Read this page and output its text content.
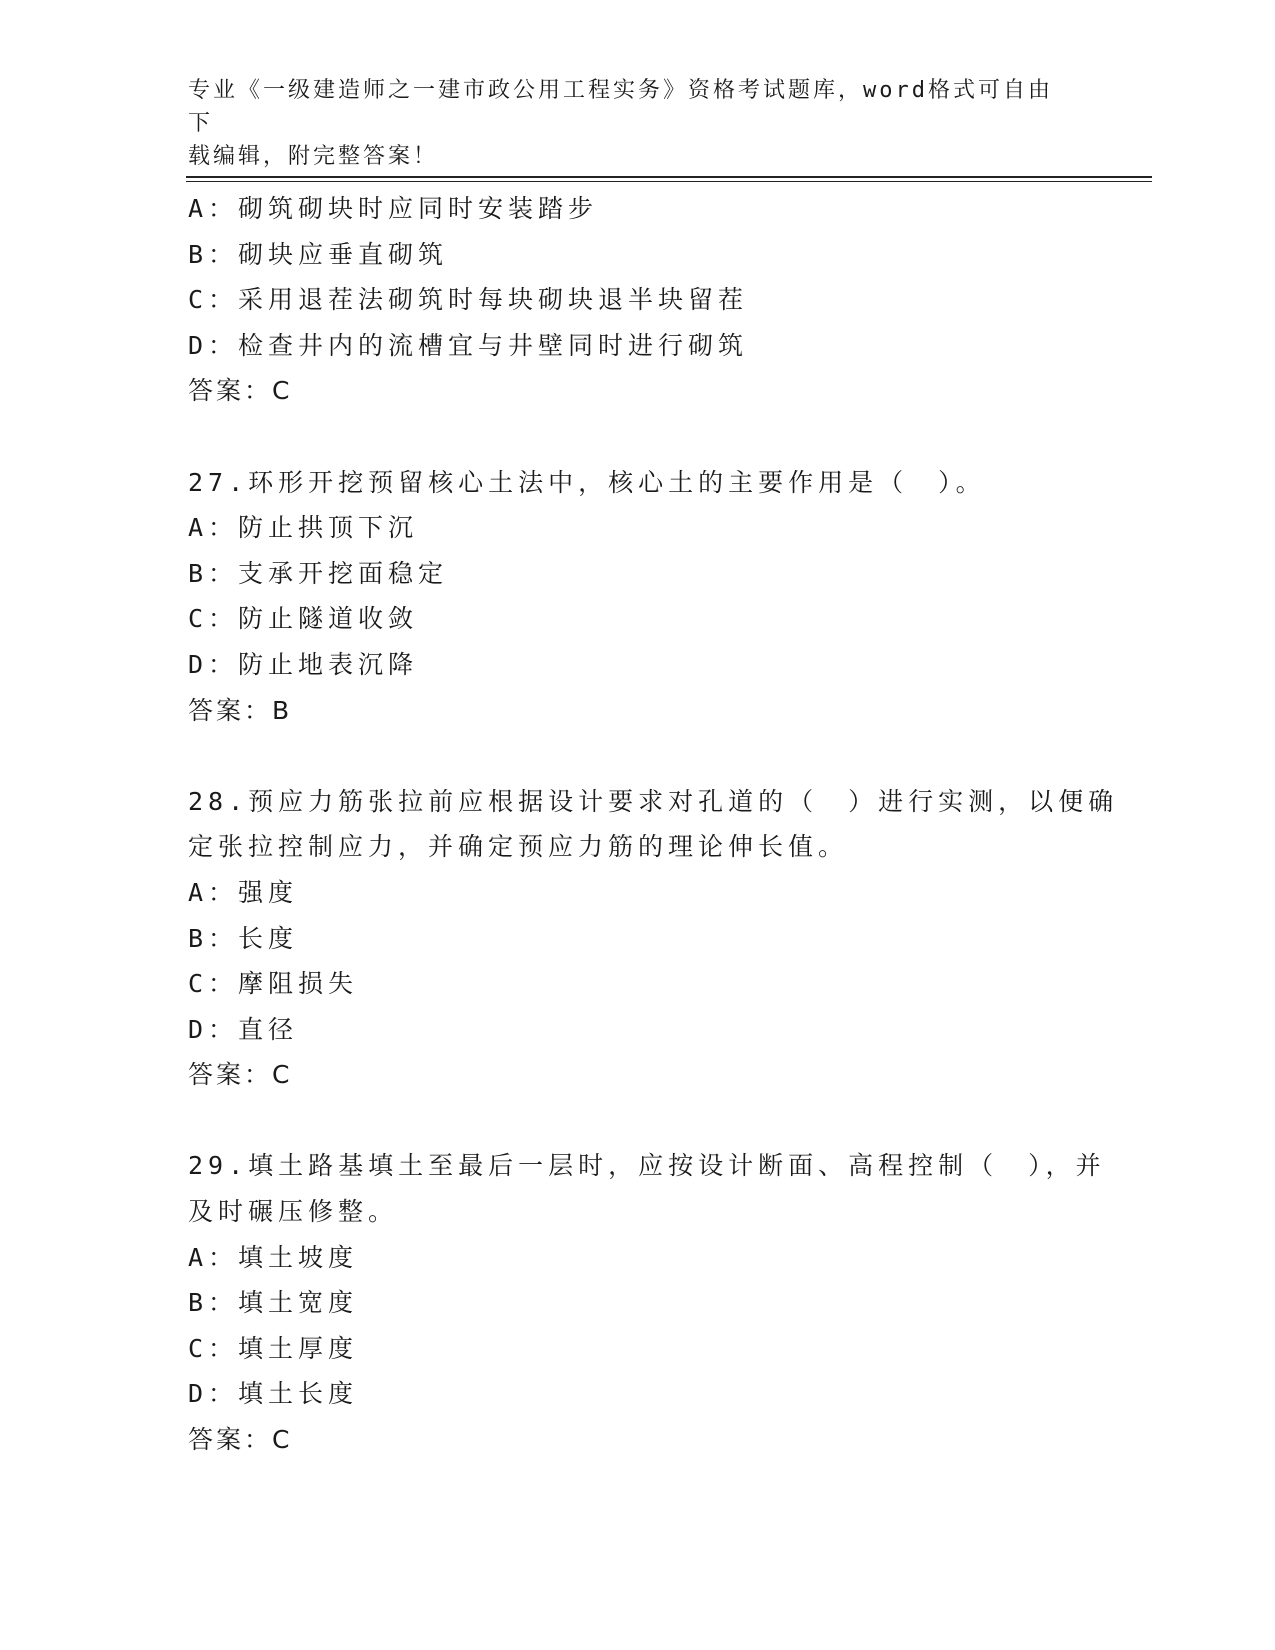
专业《一级建造师之一建市政公用工程实务》资格考试题库，word格式可自由下
载编辑，附完整答案！
A：砌筑砌块时应同时安装踏步
B：砌块应垂直砌筑
C：采用退茬法砌筑时每块砌块退半块留茬
D：检查井内的流槽宜与井壁同时进行砌筑
答案：C
27.环形开挖预留核心土法中，核心土的主要作用是（　）。
A：防止拱顶下沉
B：支承开挖面稳定
C：防止隧道收敛
D：防止地表沉降
答案：B
28.预应力筋张拉前应根据设计要求对孔道的（　）进行实测，以便确
定张拉控制应力，并确定预应力筋的理论伸长值。
A：强度
B：长度
C：摩阻损失
D：直径
答案：C
29.填土路基填土至最后一层时，应按设计断面、高程控制（　），并
及时碾压修整。
A：填土坡度
B：填土宽度
C：填土厚度
D：填土长度
答案：C
